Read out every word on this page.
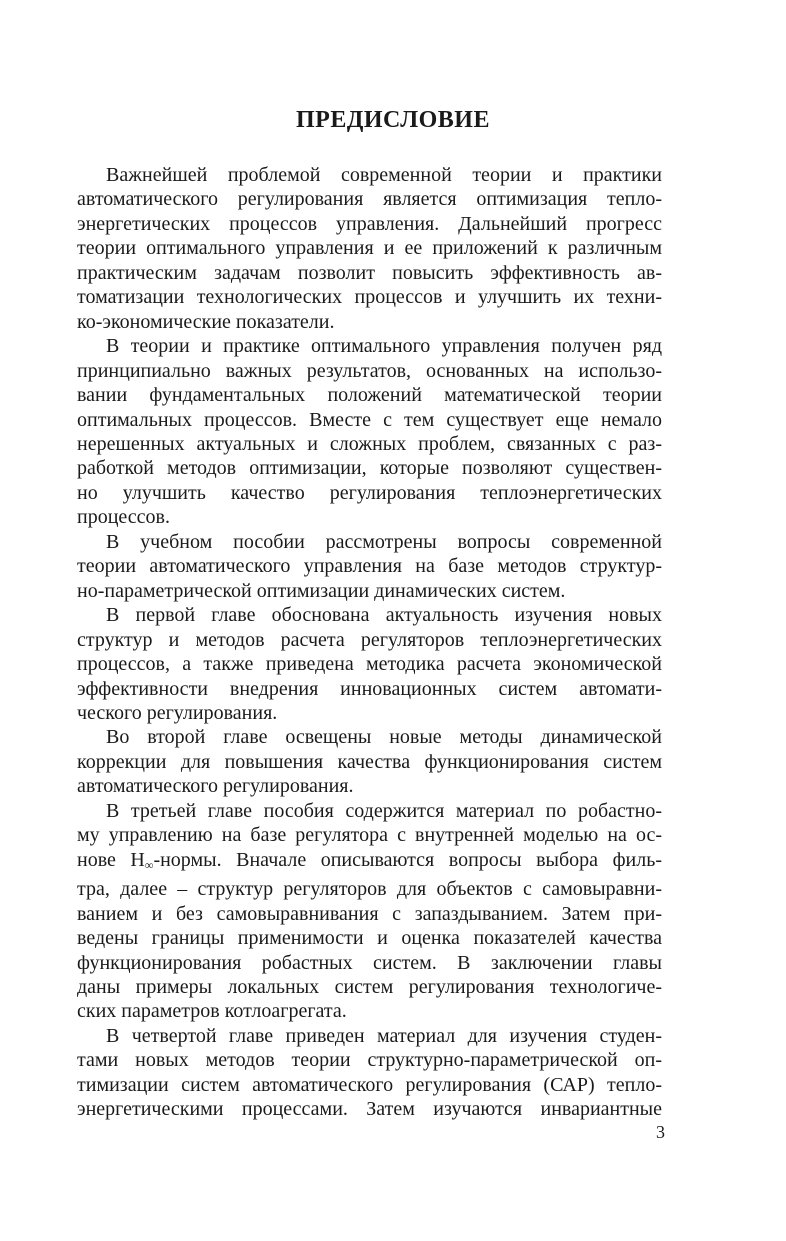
ПРЕДИСЛОВИЕ

Важнейшей проблемой современной теории и практики
автоматического регулирования является оптимизация тепло-
энергетических процессов управления. Дальнейший прогресс
теории оптимального управления и ее приложений к различным
практическим задачам позволит повысить эффективность ав-
томатизации технологических процессов и улучшить их техни-
ко-экономические показатели.

В теории и практике оптимального управления получен ряд
принципиально важных результатов, основанных на использо-
вании фундаментальных положений математической теории
оптимальных процессов. Вместе с тем существует еще немало
нерешенных актуальных и сложных проблем, связанных с раз-
работкой методов оптимизации, которые позволяют существен-
но улучшить качество регулирования теплоэнергетических
процессов.

В учебном пособии рассмотрены вопросы современной
теории автоматического управления на базе методов структур-
но-параметрической оптимизации динамических систем.

В первой главе обоснована актуальность изучения новых
структур и методов расчета регуляторов теплоэнергетических
процессов, а также приведена методика расчета экономической
эффективности внедрения инновационных систем автомати-
ческого регулирования.

Во второй главе освещены новые методы динамической
коррекции для повышения качества функционирования систем
автоматического регулирования.

В третьей главе пособия содержится материал по робастно-
му управлению на базе регулятора с внутренней моделью на ос-
нове $H_\infty$-нормы. Вначале описываются вопросы выбора филь-
тра, далее – структур регуляторов для объектов с самовыравни-
ванием и без самовыравнивания с запаздыванием. Затем при-
ведены границы применимости и оценка показателей качества
функционирования робастных систем. В заключении главы
даны примеры локальных систем регулирования технологиче-
ских параметров котлоагрегата.

В четвертой главе приведен материал для изучения студен-
тами новых методов теории структурно-параметрической оп-
тимизации систем автоматического регулирования (САР) тепло-
энергетическими процессами. Затем изучаются инвариантные

3
